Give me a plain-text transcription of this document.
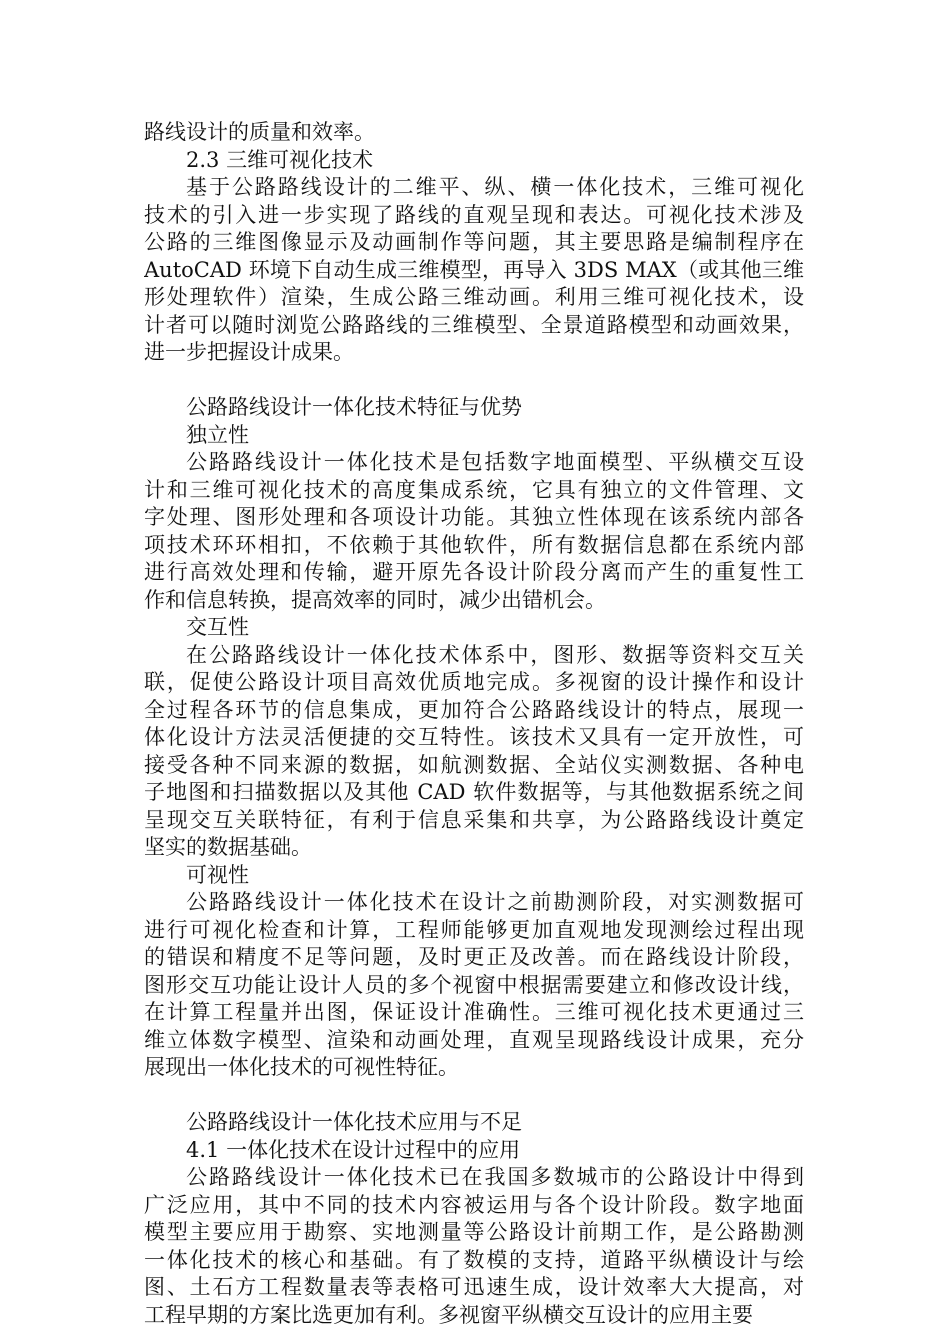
路线设计的质量和效率。
2.3 三维可视化技术
基于公路路线设计的二维平、纵、横一体化技术，三维可视化
技术的引入进一步实现了路线的直观呈现和表达。可视化技术涉及
公路的三维图像显示及动画制作等问题，其主要思路是编制程序在
AutoCAD 环境下自动生成三维模型，再导入 3DS MAX（或其他三维
形处理软件）渲染，生成公路三维动画。利用三维可视化技术，设
计者可以随时浏览公路路线的三维模型、全景道路模型和动画效果，
进一步把握设计成果。
公路路线设计一体化技术特征与优势
独立性
公路路线设计一体化技术是包括数字地面模型、平纵横交互设
计和三维可视化技术的高度集成系统，它具有独立的文件管理、文
字处理、图形处理和各项设计功能。其独立性体现在该系统内部各
项技术环环相扣，不依赖于其他软件，所有数据信息都在系统内部
进行高效处理和传输，避开原先各设计阶段分离而产生的重复性工
作和信息转换，提高效率的同时，减少出错机会。
交互性
在公路路线设计一体化技术体系中，图形、数据等资料交互关
联，促使公路设计项目高效优质地完成。多视窗的设计操作和设计
全过程各环节的信息集成，更加符合公路路线设计的特点，展现一
体化设计方法灵活便捷的交互特性。该技术又具有一定开放性，可
接受各种不同来源的数据，如航测数据、全站仪实测数据、各种电
子地图和扫描数据以及其他 CAD 软件数据等，与其他数据系统之间
呈现交互关联特征，有利于信息采集和共享，为公路路线设计奠定
坚实的数据基础。
可视性
公路路线设计一体化技术在设计之前勘测阶段，对实测数据可
进行可视化检查和计算，工程师能够更加直观地发现测绘过程出现
的错误和精度不足等问题，及时更正及改善。而在路线设计阶段，
图形交互功能让设计人员的多个视窗中根据需要建立和修改设计线，
在计算工程量并出图，保证设计准确性。三维可视化技术更通过三
维立体数字模型、渲染和动画处理，直观呈现路线设计成果，充分
展现出一体化技术的可视性特征。
公路路线设计一体化技术应用与不足
4.1 一体化技术在设计过程中的应用
公路路线设计一体化技术已在我国多数城市的公路设计中得到
广泛应用，其中不同的技术内容被运用与各个设计阶段。数字地面
模型主要应用于勘察、实地测量等公路设计前期工作，是公路勘测
一体化技术的核心和基础。有了数模的支持，道路平纵横设计与绘
图、土石方工程数量表等表格可迅速生成，设计效率大大提高，对
工程早期的方案比选更加有利。多视窗平纵横交互设计的应用主要
